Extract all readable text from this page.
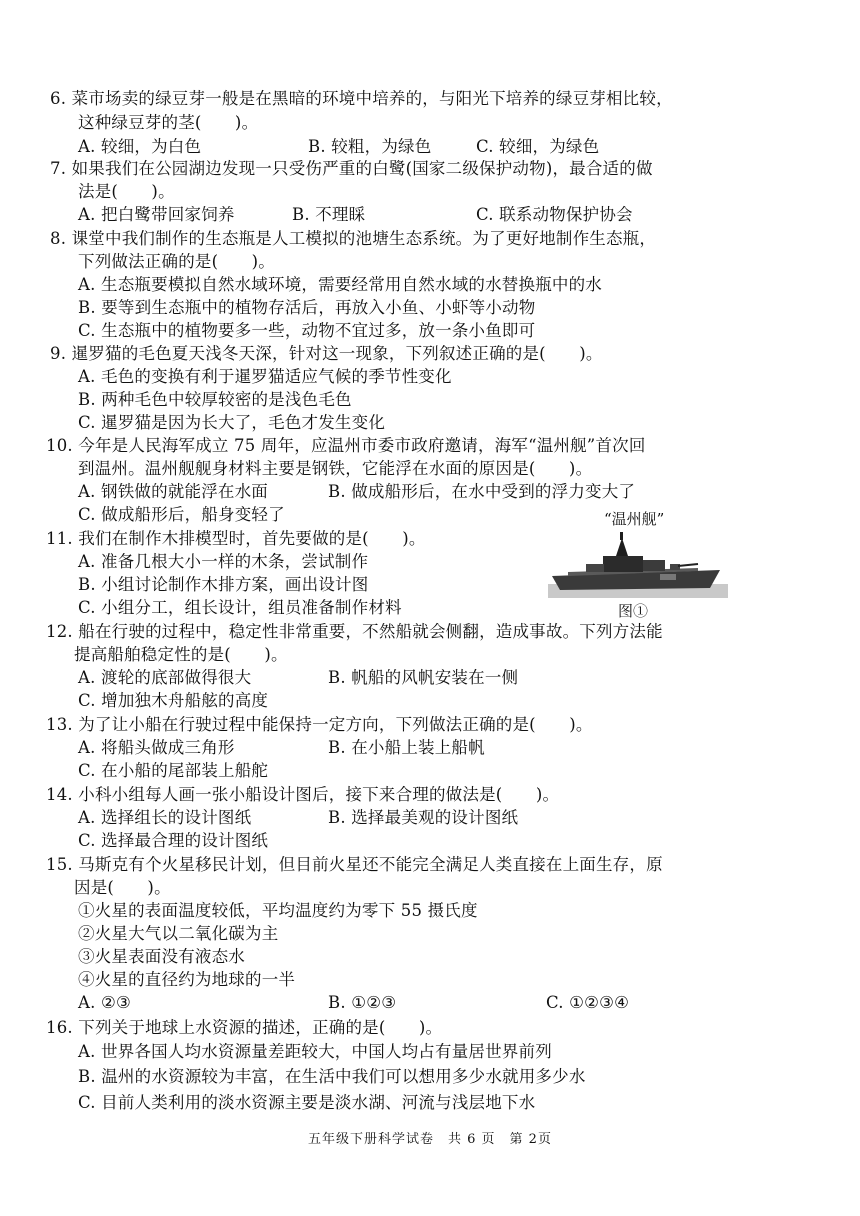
6. 菜市场卖的绿豆芽一般是在黑暗的环境中培养的，与阳光下培养的绿豆芽相比较，
这种绿豆芽的茎(　　)。
A. 较细，为白色	B. 较粗，为绿色	C. 较细，为绿色
7. 如果我们在公园湖边发现一只受伤严重的白鹭(国家二级保护动物)，最合适的做
法是(　　)。
A. 把白鹭带回家饲养	B. 不理睬	C. 联系动物保护协会
8. 课堂中我们制作的生态瓶是人工模拟的池塘生态系统。为了更好地制作生态瓶，
下列做法正确的是(　　)。
A. 生态瓶要模拟自然水域环境，需要经常用自然水域的水替换瓶中的水
B. 要等到生态瓶中的植物存活后，再放入小鱼、小虾等小动物
C. 生态瓶中的植物要多一些，动物不宜过多，放一条小鱼即可
9. 暹罗猫的毛色夏天浅冬天深，针对这一现象，下列叙述正确的是(　　)。
A. 毛色的变换有利于暹罗猫适应气候的季节性变化
B. 两种毛色中较厚较密的是浅色毛色
C. 暹罗猫是因为长大了，毛色才发生变化
10. 今年是人民海军成立 75 周年，应温州市委市政府邀请，海军“温州舰”首次回
到温州。温州舰舰身材料主要是钢铁，它能浮在水面的原因是(　　)。
A. 钢铁做的就能浮在水面	B. 做成船形后，在水中受到的浮力变大了
C. 做成船形后，船身变轻了	“温州舰”
图①
11. 我们在制作木排模型时，首先要做的是(　　)。
A. 准备几根大小一样的木条，尝试制作
B. 小组讨论制作木排方案，画出设计图
C. 小组分工，组长设计，组员准备制作材料
12. 船在行驶的过程中，稳定性非常重要，不然船就会侧翻，造成事故。下列方法能
提高船舶稳定性的是(　　)。
A. 渡轮的底部做得很大	B. 帆船的风帆安装在一侧
C. 增加独木舟船舷的高度
13. 为了让小船在行驶过程中能保持一定方向，下列做法正确的是(　　)。
A. 将船头做成三角形	B. 在小船上装上船帆
C. 在小船的尾部装上船舵
14. 小科小组每人画一张小船设计图后，接下来合理的做法是(　　)。
A. 选择组长的设计图纸	B. 选择最美观的设计图纸
C. 选择最合理的设计图纸
15. 马斯克有个火星移民计划，但目前火星还不能完全满足人类直接在上面生存，原
因是(　　)。
①火星的表面温度较低，平均温度约为零下 55 摄氏度
②火星大气以二氧化碳为主
③火星表面没有液态水
④火星的直径约为地球的一半
A. ②③	B. ①②③	C. ①②③④
16. 下列关于地球上水资源的描述，正确的是(　　)。
A. 世界各国人均水资源量差距较大，中国人均占有量居世界前列
B. 温州的水资源较为丰富，在生活中我们可以想用多少水就用多少水
C. 目前人类利用的淡水资源主要是淡水湖、河流与浅层地下水
五年级下册科学试卷　共 6 页　第 2页
